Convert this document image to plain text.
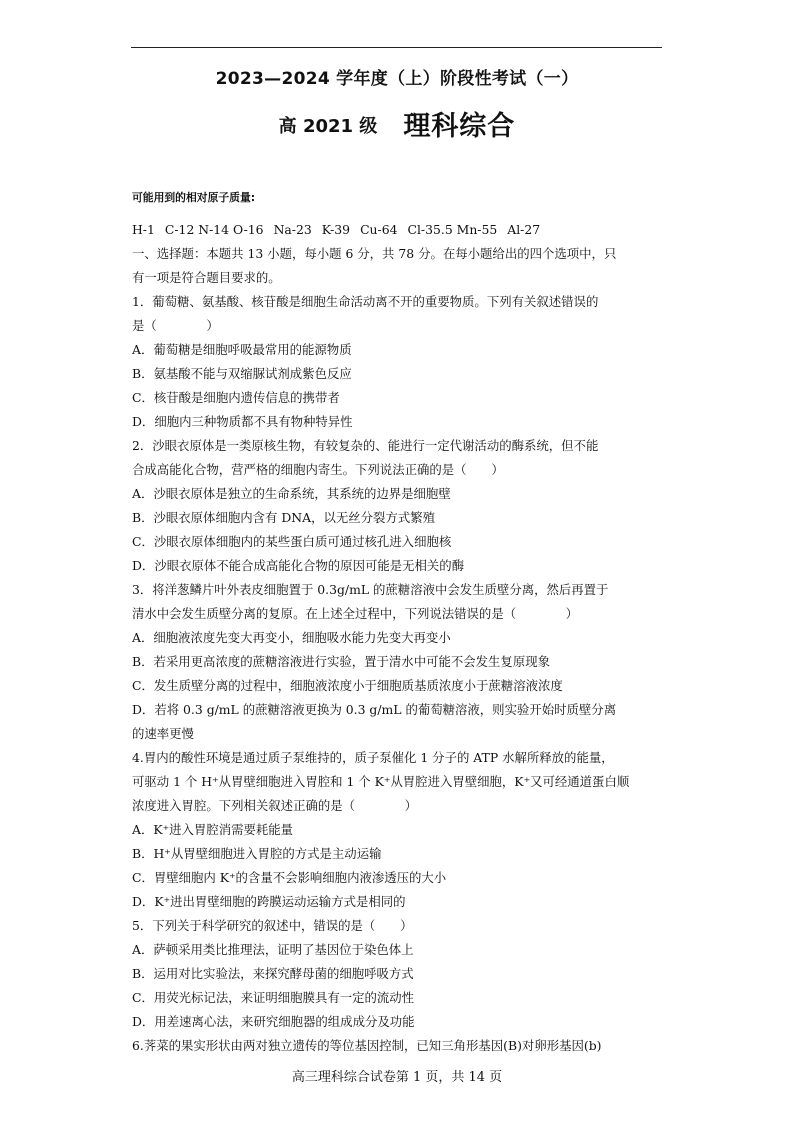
2023—2024 学年度（上）阶段性考试（一）
高 2021 级 理科综合
可能用到的相对原子质量:
H-1 C-12 N-14 O-16 Na-23 K-39 Cu-64 Cl-35.5 Mn-55 Al-27
一、选择题：本题共 13 小题，每小题 6 分，共 78 分。在每小题给出的四个选项中，只
有一项是符合题目要求的。
1．葡萄糖、氨基酸、核苷酸是细胞生命活动离不开的重要物质。下列有关叙述错误的
是（　　　　）
A．葡萄糖是细胞呼吸最常用的能源物质
B．氨基酸不能与双缩脲试剂成紫色反应
C．核苷酸是细胞内遗传信息的携带者
D．细胞内三种物质都不具有物种特异性
2．沙眼衣原体是一类原核生物，有较复杂的、能进行一定代谢活动的酶系统，但不能
合成高能化合物，营严格的细胞内寄生。下列说法正确的是（　　）
A．沙眼衣原体是独立的生命系统，其系统的边界是细胞壁
B．沙眼衣原体细胞内含有 DNA，以无丝分裂方式繁殖
C．沙眼衣原体细胞内的某些蛋白质可通过核孔进入细胞核
D．沙眼衣原体不能合成高能化合物的原因可能是无相关的酶
3．将洋葱鳞片叶外表皮细胞置于 0.3g/mL 的蔗糖溶液中会发生质壁分离，然后再置于
清水中会发生质壁分离的复原。在上述全过程中，下列说法错误的是（　　　　）
A．细胞液浓度先变大再变小，细胞吸水能力先变大再变小
B．若采用更高浓度的蔗糖溶液进行实验，置于清水中可能不会发生复原现象
C．发生质壁分离的过程中，细胞液浓度小于细胞质基质浓度小于蔗糖溶液浓度
D．若将 0.3 g/mL 的蔗糖溶液更换为 0.3 g/mL 的葡萄糖溶液，则实验开始时质壁分离
的速率更慢
4.胃内的酸性环境是通过质子泵维持的，质子泵催化 1 分子的 ATP 水解所释放的能量，
可驱动 1 个 H⁺从胃壁细胞进入胃腔和 1 个 K⁺从胃腔进入胃壁细胞，K⁺又可经通道蛋白顺
浓度进入胃腔。下列相关叙述正确的是（　　　　）
A．K⁺进入胃腔消需要耗能量
B．H⁺从胃壁细胞进入胃腔的方式是主动运输
C．胃壁细胞内 K⁺的含量不会影响细胞内液渗透压的大小
D．K⁺进出胃壁细胞的跨膜运动运输方式是相同的
5．下列关于科学研究的叙述中，错误的是（　　）
A．萨顿采用类比推理法，证明了基因位于染色体上
B．运用对比实验法，来探究酵母菌的细胞呼吸方式
C．用荧光标记法，来证明细胞膜具有一定的流动性
D．用差速离心法，来研究细胞器的组成成分及功能
6.荠菜的果实形状由两对独立遗传的等位基因控制，已知三角形基因(B)对卵形基因(b)
高三理科综合试卷第 1 页，共 14 页
